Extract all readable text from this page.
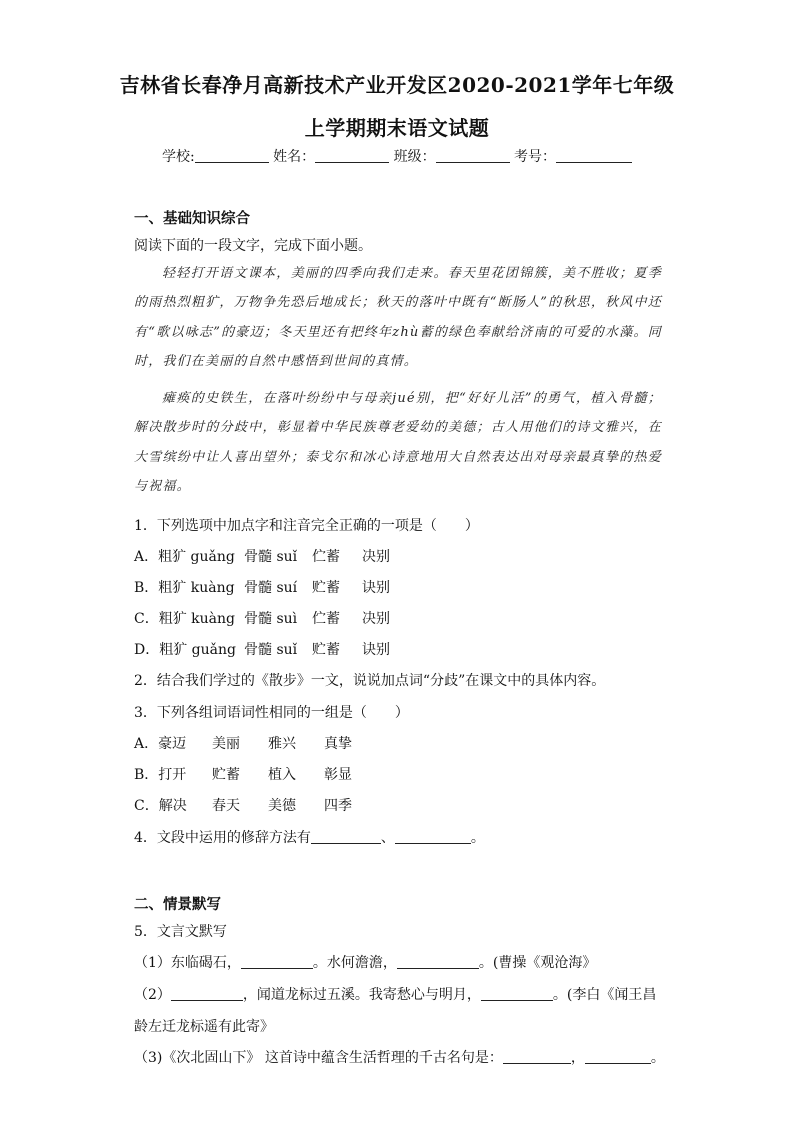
吉林省长春净月高新技术产业开发区2020-2021学年七年级
上学期期末语文试题
学校:	姓名：	班级：	考号：
一、基础知识综合
阅读下面的一段文字，完成下面小题。

轻轻打开语文课本，美丽的四季向我们走来。春天里花团锦簇，美不胜收；夏季的雨热烈粗犷，万物争先恐后地成长；秋天的落叶中既有“断肠人”的秋思，秋风中还有“歌以咏志”的豪迈；冬天里还有把终年zhù蓄的绿色奉献给济南的可爱的水藻。同时，我们在美丽的自然中感悟到世间的真情。

瘫痪的史铁生，在落叶纷纷中与母亲jué别，把“好好儿活”的勇气，植入骨髓；解决散步时的分歧中，彰显着中华民族尊老爱幼的美德；古人用他们的诗文雅兴，在大雪缤纷中让人喜出望外；泰戈尔和冰心诗意地用大自然表达出对母亲最真挚的热爱与祝福。

1．下列选项中加点字和注音完全正确的一项是（　　）
A．粗犷 guǎng 骨髓 suǐ 伫蓄 决别
B．粗犷 kuàng 骨髓 suí 贮蓄 诀别
C．粗犷 kuàng 骨髓 suì 伫蓄 决别
D．粗犷 guǎng 骨髓 suǐ 贮蓄 诀别
2．结合我们学过的《散步》一文，说说加点词“分歧”在课文中的具体内容。
3．下列各组词语词性相同的一组是（　　）
A．豪迈 美丽 雅兴 真挚
B．打开 贮蓄 植入 彰显
C．解决 春天 美德 四季
4．文段中运用的修辞方法有	、	。
二、情景默写
5．文言文默写
（1）东临碣石，	。水何澹澹，	。(曹操《观沧海》
（2）	，闻道龙标过五溪。我寄愁心与明月，	。(李白《闻王昌
龄左迁龙标遥有此寄》
（3)《次北固山下》 这首诗中蕴含生活哲理的千古名句是：	，	。
